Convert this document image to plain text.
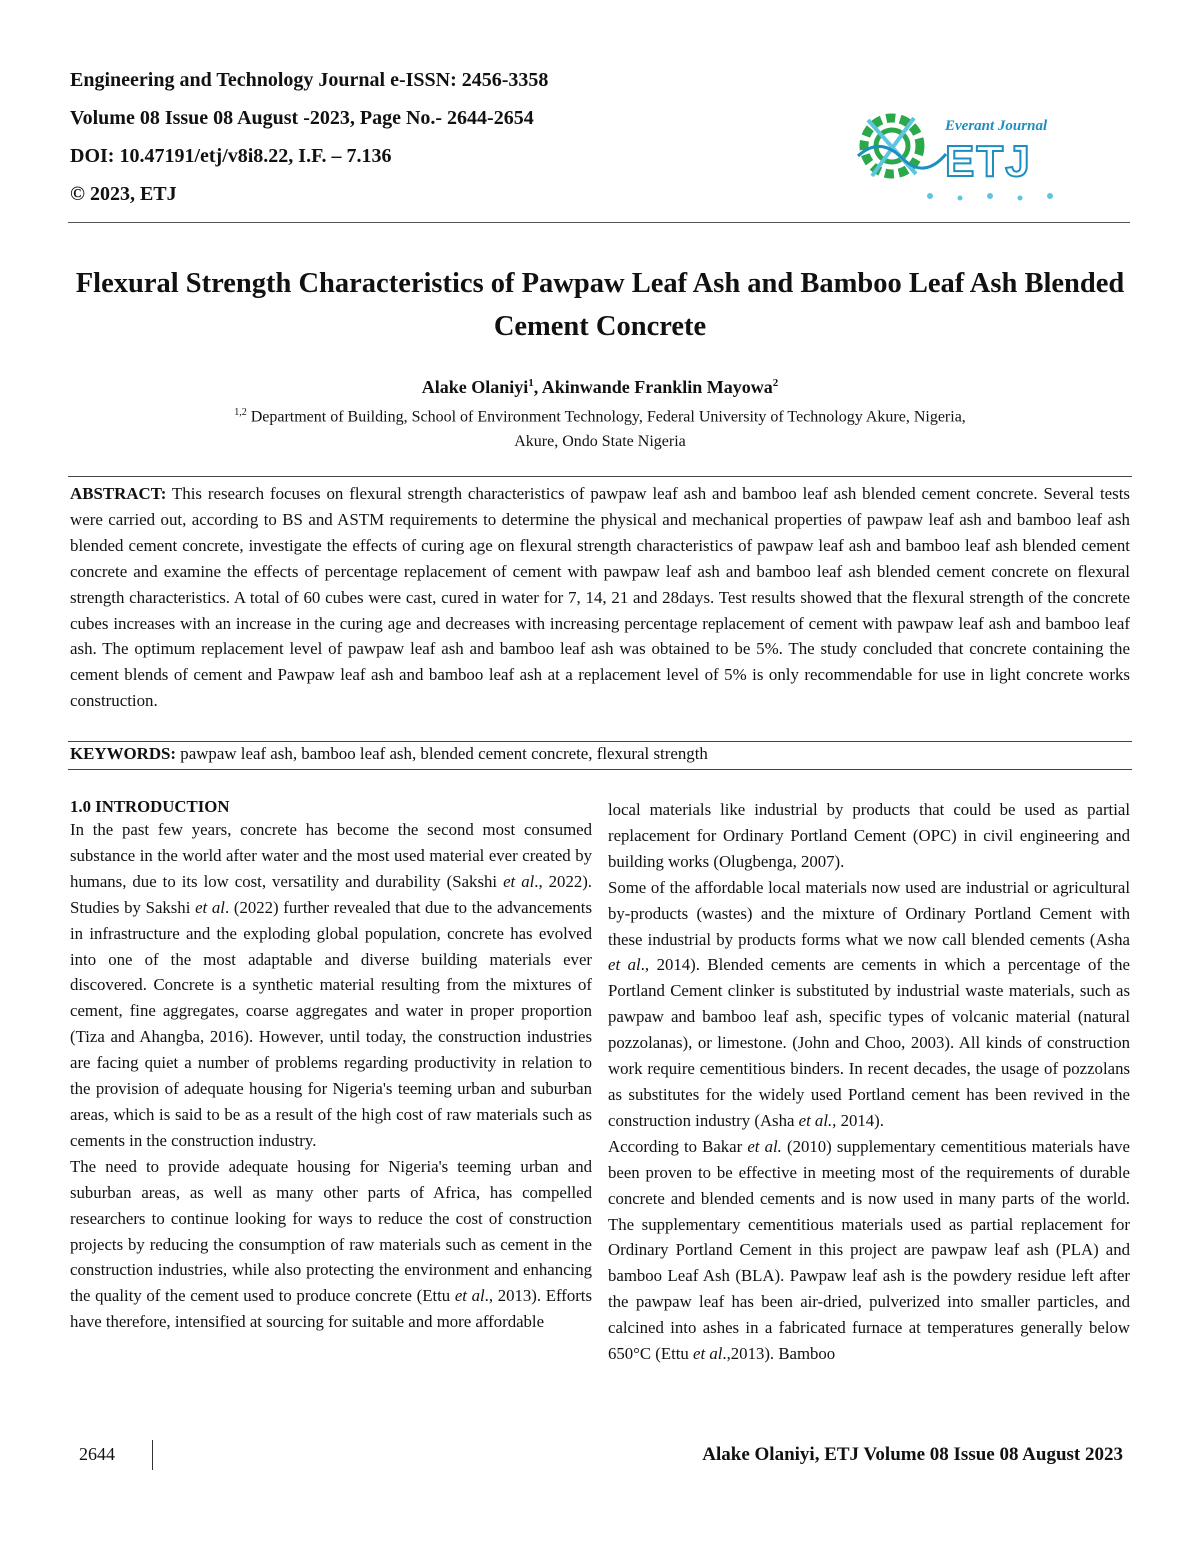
Engineering and Technology Journal e-ISSN: 2456-3358
Volume 08 Issue 08 August -2023, Page No.- 2644-2654
DOI: 10.47191/etj/v8i8.22, I.F. – 7.136
© 2023, ETJ
Everant Journal
ETJ
Flexural Strength Characteristics of Pawpaw Leaf Ash and Bamboo Leaf Ash Blended Cement Concrete
Alake Olaniyi$^1$, Akinwande Franklin Mayowa$^2$
$^{1,2}$ Department of Building, School of Environment Technology, Federal University of Technology Akure, Nigeria,
Akure, Ondo State Nigeria

ABSTRACT: This research focuses on flexural strength characteristics of pawpaw leaf ash and bamboo leaf ash blended cement concrete. Several tests were carried out, according to BS and ASTM requirements to determine the physical and mechanical properties of pawpaw leaf ash and bamboo leaf ash blended cement concrete, investigate the effects of curing age on flexural strength characteristics of pawpaw leaf ash and bamboo leaf ash blended cement concrete and examine the effects of percentage replacement of cement with pawpaw leaf ash and bamboo leaf ash blended cement concrete on flexural strength characteristics. A total of 60 cubes were cast, cured in water for 7, 14, 21 and 28days. Test results showed that the flexural strength of the concrete cubes increases with an increase in the curing age and decreases with increasing percentage replacement of cement with pawpaw leaf ash and bamboo leaf ash. The optimum replacement level of pawpaw leaf ash and bamboo leaf ash was obtained to be 5%. The study concluded that concrete containing the cement blends of cement and Pawpaw leaf ash and bamboo leaf ash at a replacement level of 5% is only recommendable for use in light concrete works construction.

KEYWORDS: pawpaw leaf ash, bamboo leaf ash, blended cement concrete, flexural strength

1.0 INTRODUCTION

In the past few years, concrete has become the second most consumed substance in the world after water and the most used material ever created by humans, due to its low cost, versatility and durability (Sakshi et al., 2022). Studies by Sakshi et al. (2022) further revealed that due to the advancements in infrastructure and the exploding global population, concrete has evolved into one of the most adaptable and diverse building materials ever discovered. Concrete is a synthetic material resulting from the mixtures of cement, fine aggregates, coarse aggregates and water in proper proportion (Tiza and Ahangba, 2016). However, until today, the construction industries are facing quiet a number of problems regarding productivity in relation to the provision of adequate housing for Nigeria's teeming urban and suburban areas, which is said to be as a result of the high cost of raw materials such as cements in the construction industry.

The need to provide adequate housing for Nigeria's teeming urban and suburban areas, as well as many other parts of Africa, has compelled researchers to continue looking for ways to reduce the cost of construction projects by reducing the consumption of raw materials such as cement in the construction industries, while also protecting the environment and enhancing the quality of the cement used to produce concrete (Ettu et al., 2013). Efforts have therefore, intensified at sourcing for suitable and more affordable

local materials like industrial by products that could be used as partial replacement for Ordinary Portland Cement (OPC) in civil engineering and building works (Olugbenga, 2007).

Some of the affordable local materials now used are industrial or agricultural by-products (wastes) and the mixture of Ordinary Portland Cement with these industrial by products forms what we now call blended cements (Asha et al., 2014). Blended cements are cements in which a percentage of the Portland Cement clinker is substituted by industrial waste materials, such as pawpaw and bamboo leaf ash, specific types of volcanic material (natural pozzolanas), or limestone. (John and Choo, 2003). All kinds of construction work require cementitious binders. In recent decades, the usage of pozzolans as substitutes for the widely used Portland cement has been revived in the construction industry (Asha et al., 2014).

According to Bakar et al. (2010) supplementary cementitious materials have been proven to be effective in meeting most of the requirements of durable concrete and blended cements and is now used in many parts of the world. The supplementary cementitious materials used as partial replacement for Ordinary Portland Cement in this project are pawpaw leaf ash (PLA) and bamboo Leaf Ash (BLA). Pawpaw leaf ash is the powdery residue left after the pawpaw leaf has been air-dried, pulverized into smaller particles, and calcined into ashes in a fabricated furnace at temperatures generally below 650°C (Ettu et al.,2013). Bamboo

2644	Alake Olaniyi, ETJ Volume 08 Issue 08 August 2023
